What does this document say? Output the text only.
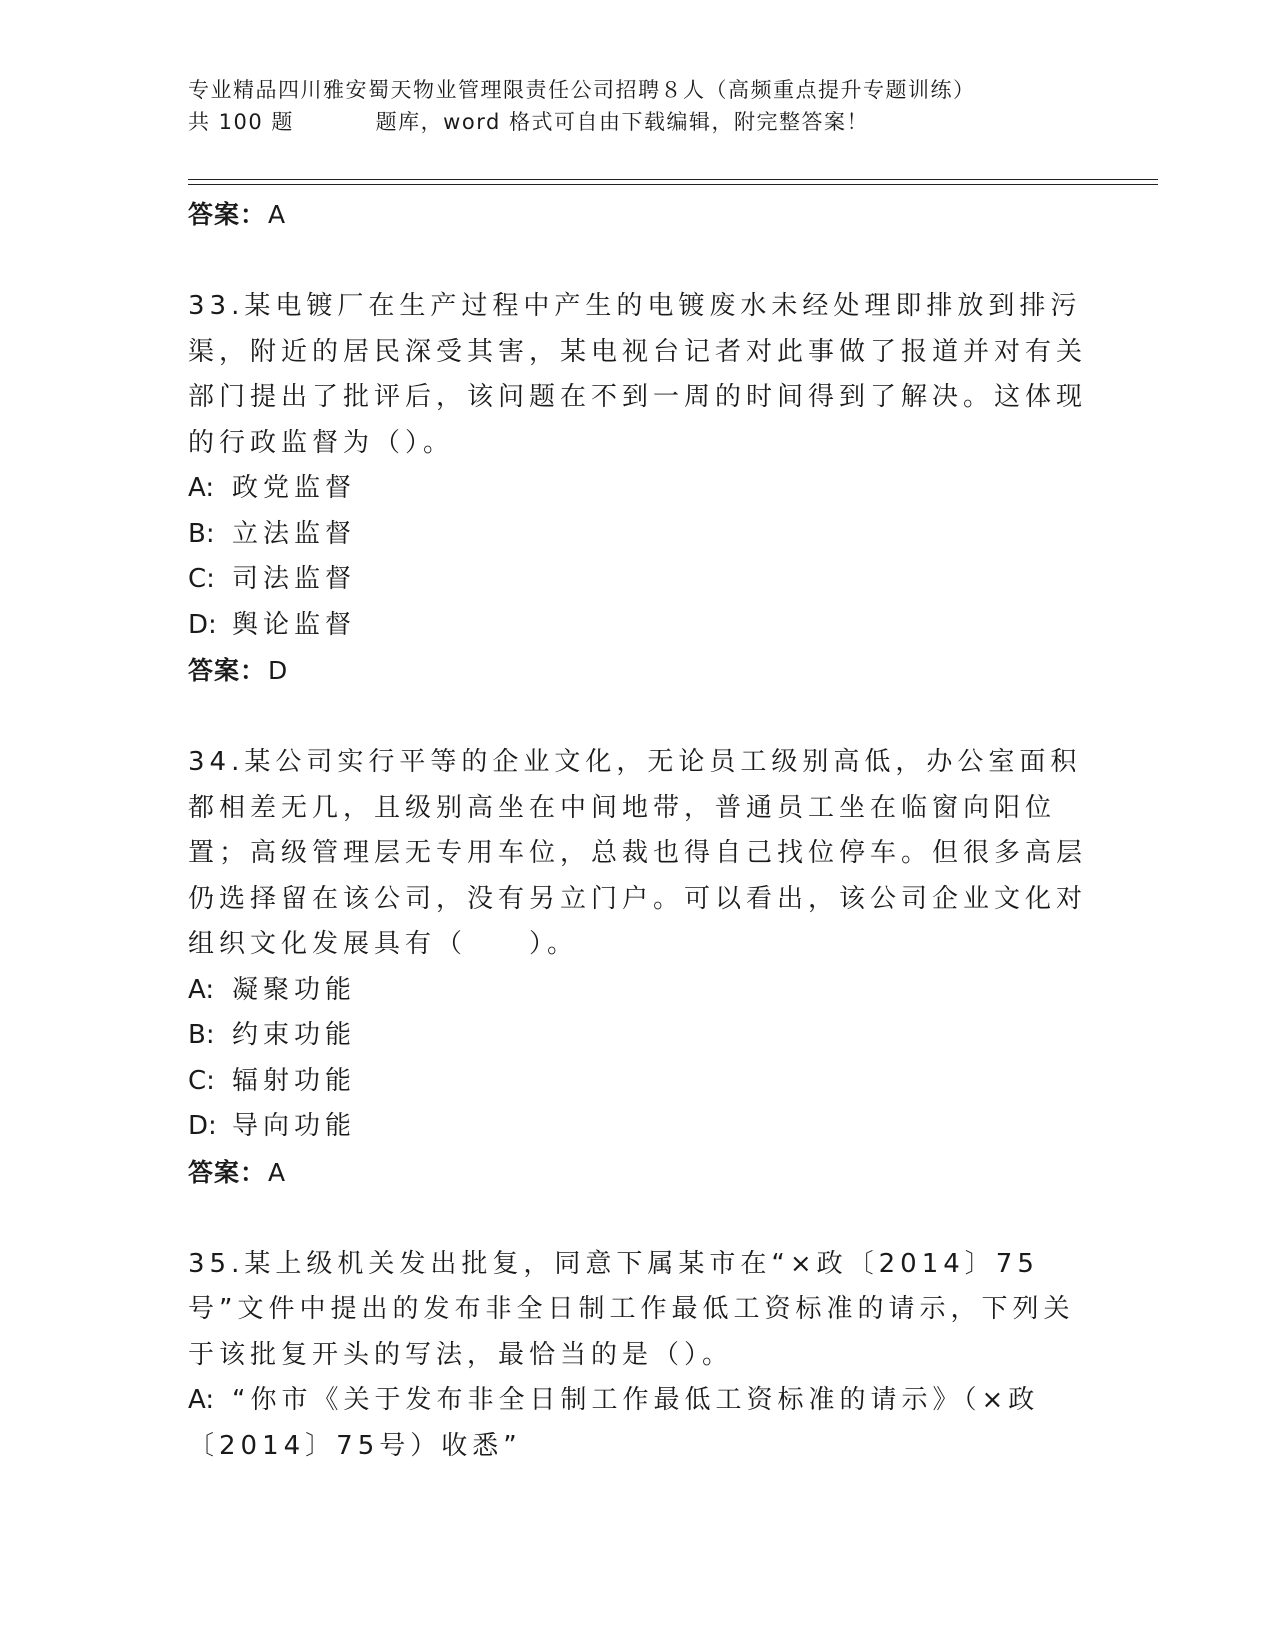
专业精品四川雅安蜀天物业管理限责任公司招聘８人（高频重点提升专题训练）
共 100 题          题库，word 格式可自由下载编辑，附完整答案！
答案：A
33.某电镀厂在生产过程中产生的电镀废水未经处理即排放到排污渠，附近的居民深受其害，某电视台记者对此事做了报道并对有关部门提出了批评后，该问题在不到一周的时间得到了解决。这体现的行政监督为（）。
A: 政党监督
B: 立法监督
C: 司法监督
D: 舆论监督
答案：D
34.某公司实行平等的企业文化，无论员工级别高低，办公室面积都相差无几，且级别高坐在中间地带，普通员工坐在临窗向阳位置；高级管理层无专用车位，总裁也得自己找位停车。但很多高层仍选择留在该公司，没有另立门户。可以看出，该公司企业文化对组织文化发展具有（　　）。
A: 凝聚功能
B: 约束功能
C: 辐射功能
D: 导向功能
答案：A
35.某上级机关发出批复，同意下属某市在“×政〔2014〕75号”文件中提出的发布非全日制工作最低工资标准的请示，下列关于该批复开头的写法，最恰当的是（）。
A: “你市《关于发布非全日制工作最低工资标准的请示》（×政〔2014〕75号）收悉”
